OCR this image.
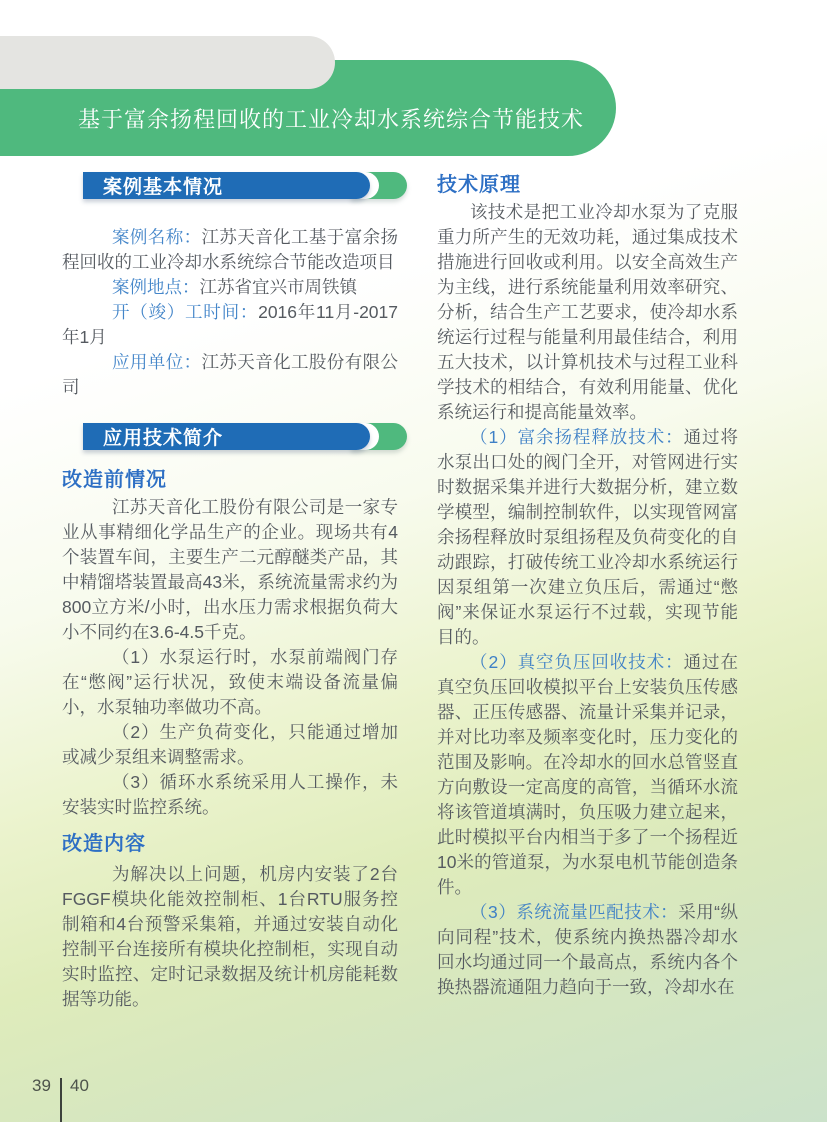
基于富余扬程回收的工业冷却水系统综合节能技术
案例基本情况

案例名称：江苏天音化工基于富余扬程回收的工业冷却水系统综合节能改造项目

案例地点：江苏省宜兴市周铁镇

开（竣）工时间：2016年11月-2017年1月

应用单位：江苏天音化工股份有限公司

应用技术简介
改造前情况

江苏天音化工股份有限公司是一家专业从事精细化学品生产的企业。现场共有4个装置车间，主要生产二元醇醚类产品，其中精馏塔装置最高43米，系统流量需求约为800立方米/小时，出水压力需求根据负荷大小不同约在3.6-4.5千克。

（1）水泵运行时，水泵前端阀门存在“憋阀”运行状况，致使末端设备流量偏小，水泵轴功率做功不高。

（2）生产负荷变化，只能通过增加或减少泵组来调整需求。

（3）循环水系统采用人工操作，未安装实时监控系统。

改造内容

为解决以上问题，机房内安装了2台FGGF模块化能效控制柜、1台RTU服务控制箱和4台预警采集箱，并通过安装自动化控制平台连接所有模块化控制柜，实现自动实时监控、定时记录数据及统计机房能耗数据等功能。

技术原理

该技术是把工业冷却水泵为了克服重力所产生的无效功耗，通过集成技术措施进行回收或利用。以安全高效生产为主线，进行系统能量利用效率研究、分析，结合生产工艺要求，使冷却水系统运行过程与能量利用最佳结合，利用五大技术，以计算机技术与过程工业科学技术的相结合，有效利用能量、优化系统运行和提高能量效率。

（1）富余扬程释放技术：通过将水泵出口处的阀门全开，对管网进行实时数据采集并进行大数据分析，建立数学模型，编制控制软件，以实现管网富余扬程释放时泵组扬程及负荷变化的自动跟踪，打破传统工业冷却水系统运行因泵组第一次建立负压后，需通过“憋阀”来保证水泵运行不过载，实现节能目的。

（2）真空负压回收技术：通过在真空负压回收模拟平台上安装负压传感器、正压传感器、流量计采集并记录，并对比功率及频率变化时，压力变化的范围及影响。在冷却水的回水总管竖直方向敷设一定高度的高管，当循环水流将该管道填满时，负压吸力建立起来，此时模拟平台内相当于多了一个扬程近10米的管道泵，为水泵电机节能创造条件。

（3）系统流量匹配技术：采用“纵向同程”技术，使系统内换热器冷却水回水均通过同一个最高点，系统内各个换热器流通阻力趋向于一致，冷却水在

39 40
